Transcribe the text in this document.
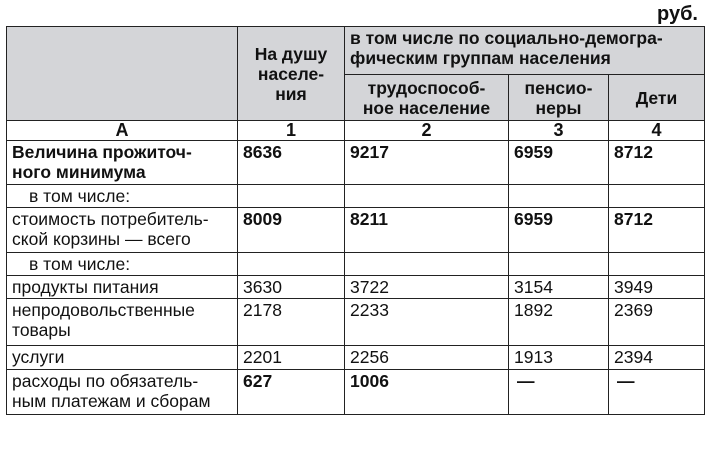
руб.
	На душу
населе-
ния	в том числе по социально-демогра-
фическим группам населения		
		трудоспособ-
ное население	пенсио-
неры	Дети
А	1	2	3	4
Величина прожиточ-
ного минимума	8636	9217	6959	8712
в том числе:				
стоимость потребитель-
ской корзины — всего	8009	8211	6959	8712
в том числе:				
продукты питания	3630	3722	3154	3949
непродовольственные
товары	2178	2233	1892	2369
услуги	2201	2256	1913	2394
расходы по обязатель-
ным платежам и сборам	627	1006	—	—
